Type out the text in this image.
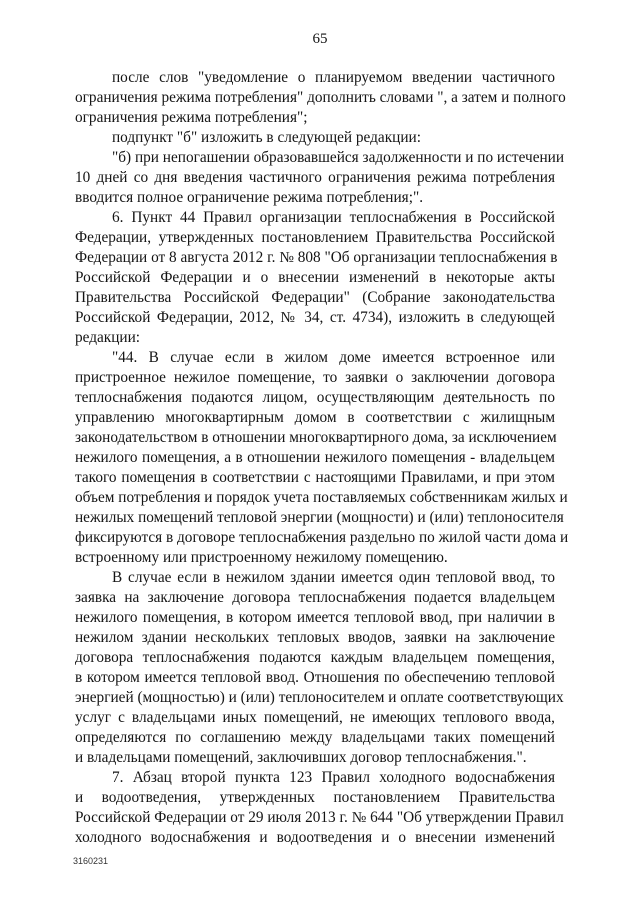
65
после слов "уведомление о планируемом введении частичного
ограничения режима потребления" дополнить словами ", а затем и полного
ограничения режима потребления";
подпункт "б" изложить в следующей редакции:
"б) при непогашении образовавшейся задолженности и по истечении
10 дней со дня введения частичного ограничения режима потребления
вводится полное ограничение режима потребления;".
6. Пункт 44 Правил организации теплоснабжения в Российской
Федерации, утвержденных постановлением Правительства Российской
Федерации от 8 августа 2012 г. № 808 "Об организации теплоснабжения в
Российской Федерации и о внесении изменений в некоторые акты
Правительства Российской Федерации" (Собрание законодательства
Российской Федерации, 2012, № 34, ст. 4734), изложить в следующей
редакции:
"44. В случае если в жилом доме имеется встроенное или
пристроенное нежилое помещение, то заявки о заключении договора
теплоснабжения подаются лицом, осуществляющим деятельность по
управлению многоквартирным домом в соответствии с жилищным
законодательством в отношении многоквартирного дома, за исключением
нежилого помещения, а в отношении нежилого помещения - владельцем
такого помещения в соответствии с настоящими Правилами, и при этом
объем потребления и порядок учета поставляемых собственникам жилых и
нежилых помещений тепловой энергии (мощности) и (или) теплоносителя
фиксируются в договоре теплоснабжения раздельно по жилой части дома и
встроенному или пристроенному нежилому помещению.
В случае если в нежилом здании имеется один тепловой ввод, то
заявка на заключение договора теплоснабжения подается владельцем
нежилого помещения, в котором имеется тепловой ввод, при наличии в
нежилом здании нескольких тепловых вводов, заявки на заключение
договора теплоснабжения подаются каждым владельцем помещения,
в котором имеется тепловой ввод. Отношения по обеспечению тепловой
энергией (мощностью) и (или) теплоносителем и оплате соответствующих
услуг с владельцами иных помещений, не имеющих теплового ввода,
определяются по соглашению между владельцами таких помещений
и владельцами помещений, заключивших договор теплоснабжения.".
7. Абзац второй пункта 123 Правил холодного водоснабжения
и водоотведения, утвержденных постановлением Правительства
Российской Федерации от 29 июля 2013 г. № 644 "Об утверждении Правил
холодного водоснабжения и водоотведения и о внесении изменений
3160231
